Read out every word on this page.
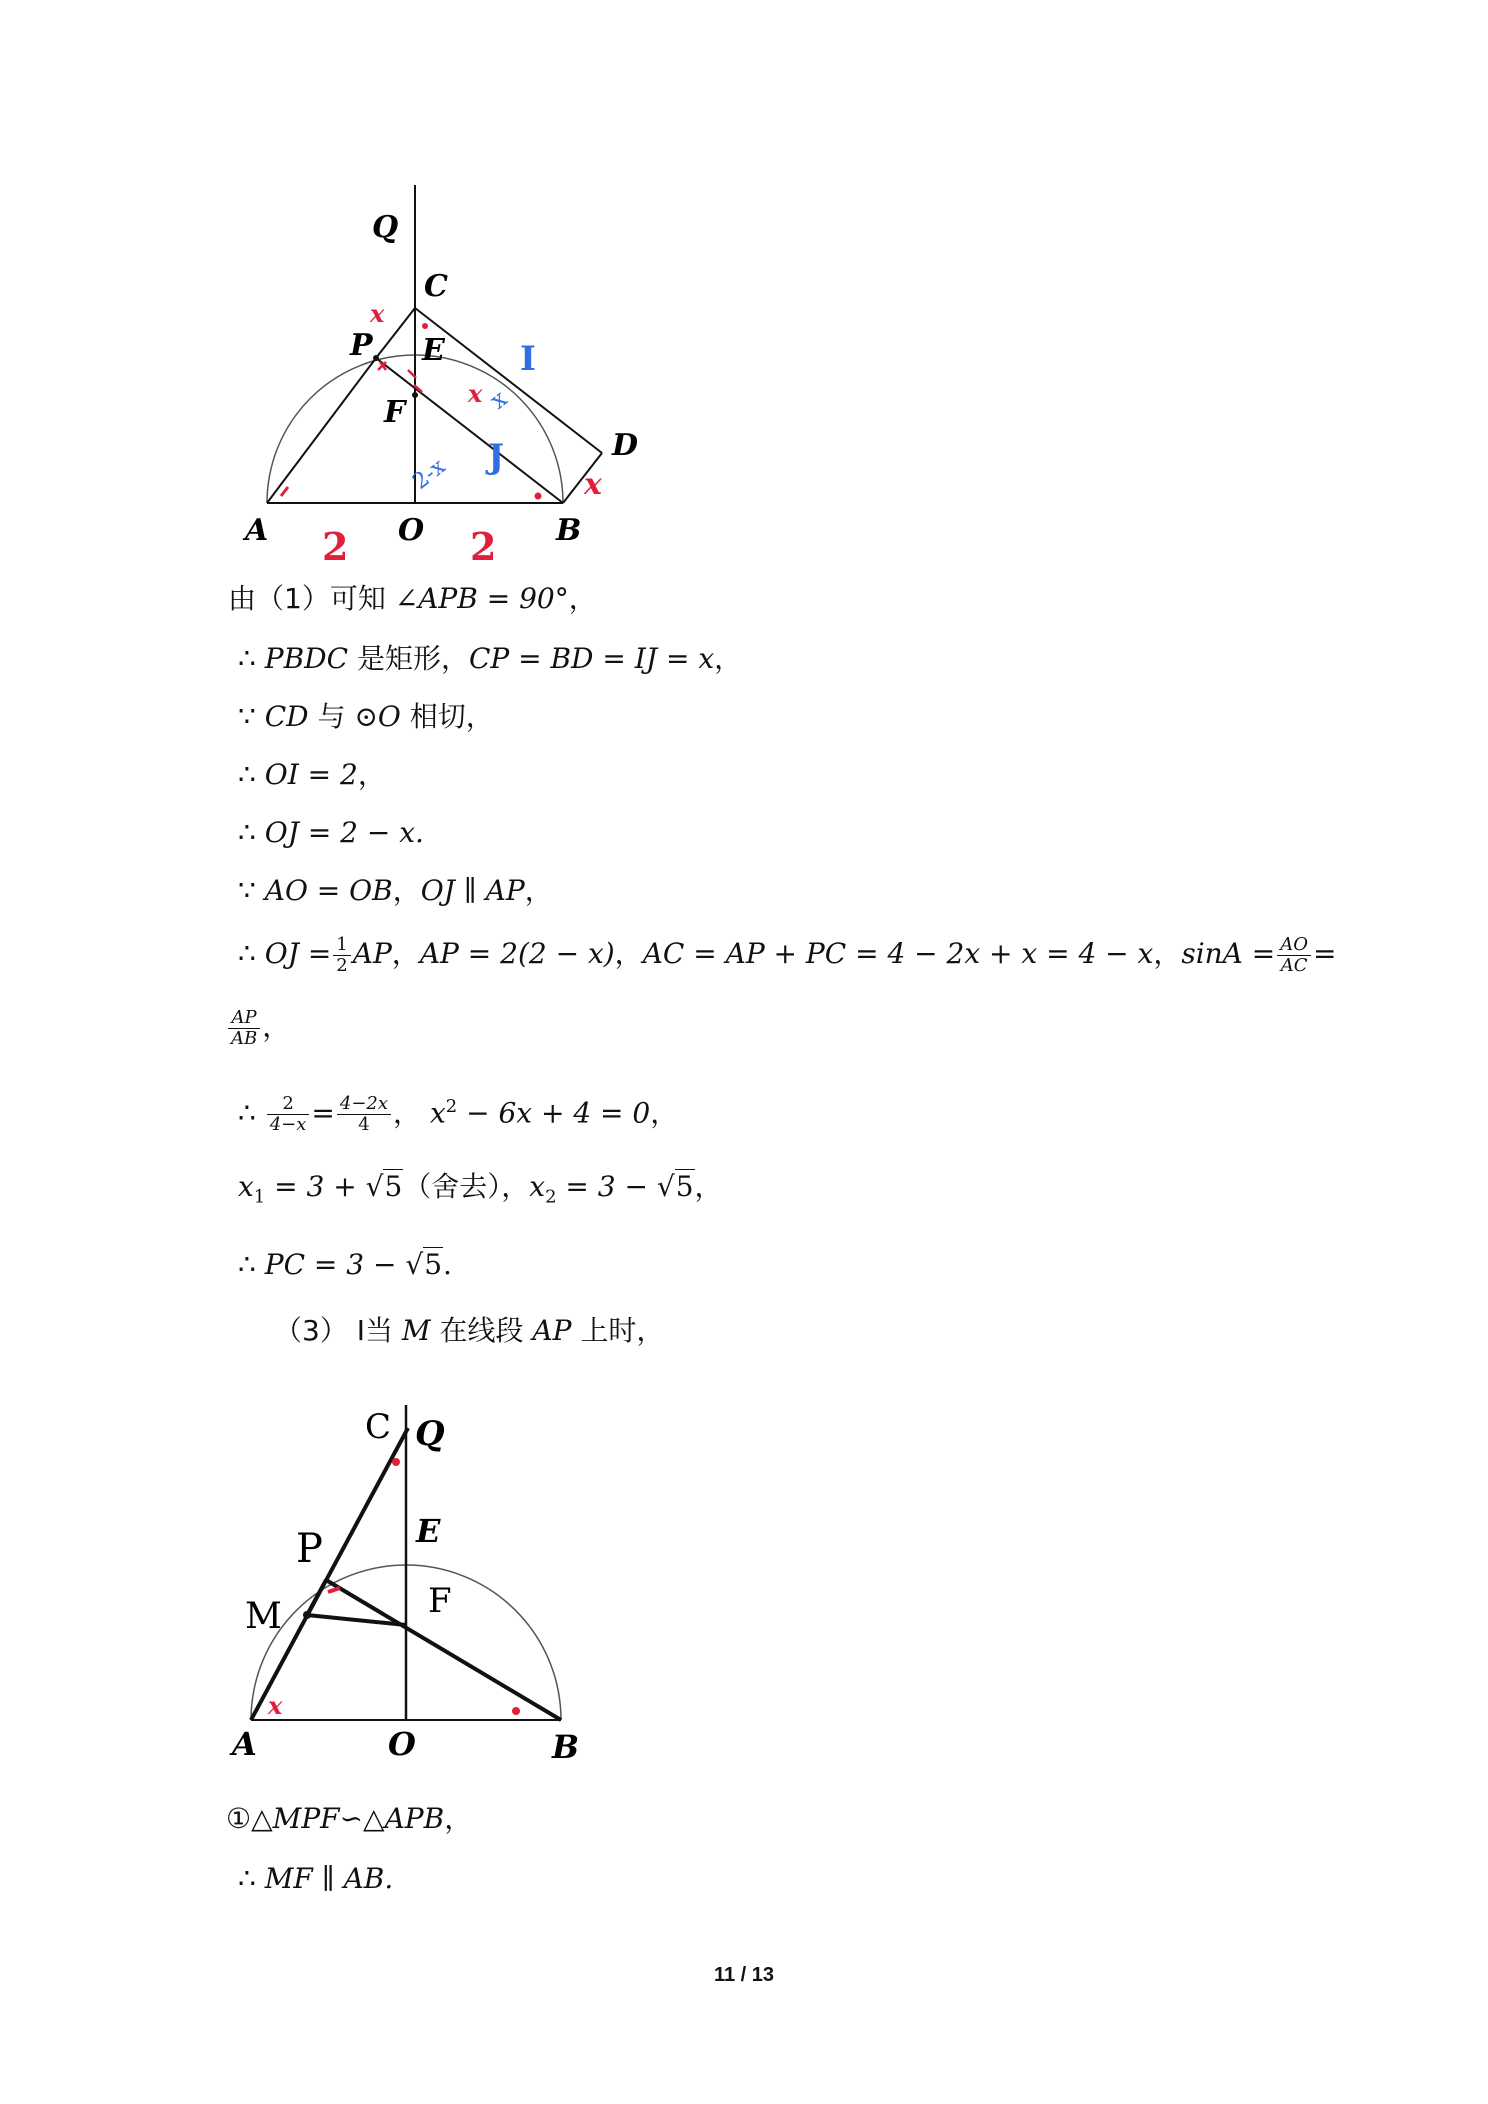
Q
C
P E
F
D
A	O	B
x
x
x
2	2
I
J
2-x
x
由（1）可知 ∠APB = 90°，
∴ PBDC 是矩形，CP = BD = IJ = x，
∵ CD 与 ⊙O 相切，
∴ OI = 2，
∴ OJ = 2 − x.
∵ AO = OB，OJ ∥ AP，
∴ OJ = $\frac{1}{2}$ AP，AP = 2(2 − x)，AC = AP + PC = 4 − 2x + x = 4 − x，$\sin A = \frac{AO}{AC}$ =
$\frac{AP}{AB}$ ，
∴ $\frac{2}{4-x} = \frac{4-2x}{4}$ ， $x^2 - 6x + 4 = 0$，
$x_1 = 3 + √5$（舍去），$x_2 = 3 - √5$，
∴ PC = 3 − √5.
（3） Ⅰ当 M 在线段 AP 上时，
C Q
P	E
M	F
A	O	B
x
①△MPF∽△APB，
∴ MF ∥ AB.
11 / 13
